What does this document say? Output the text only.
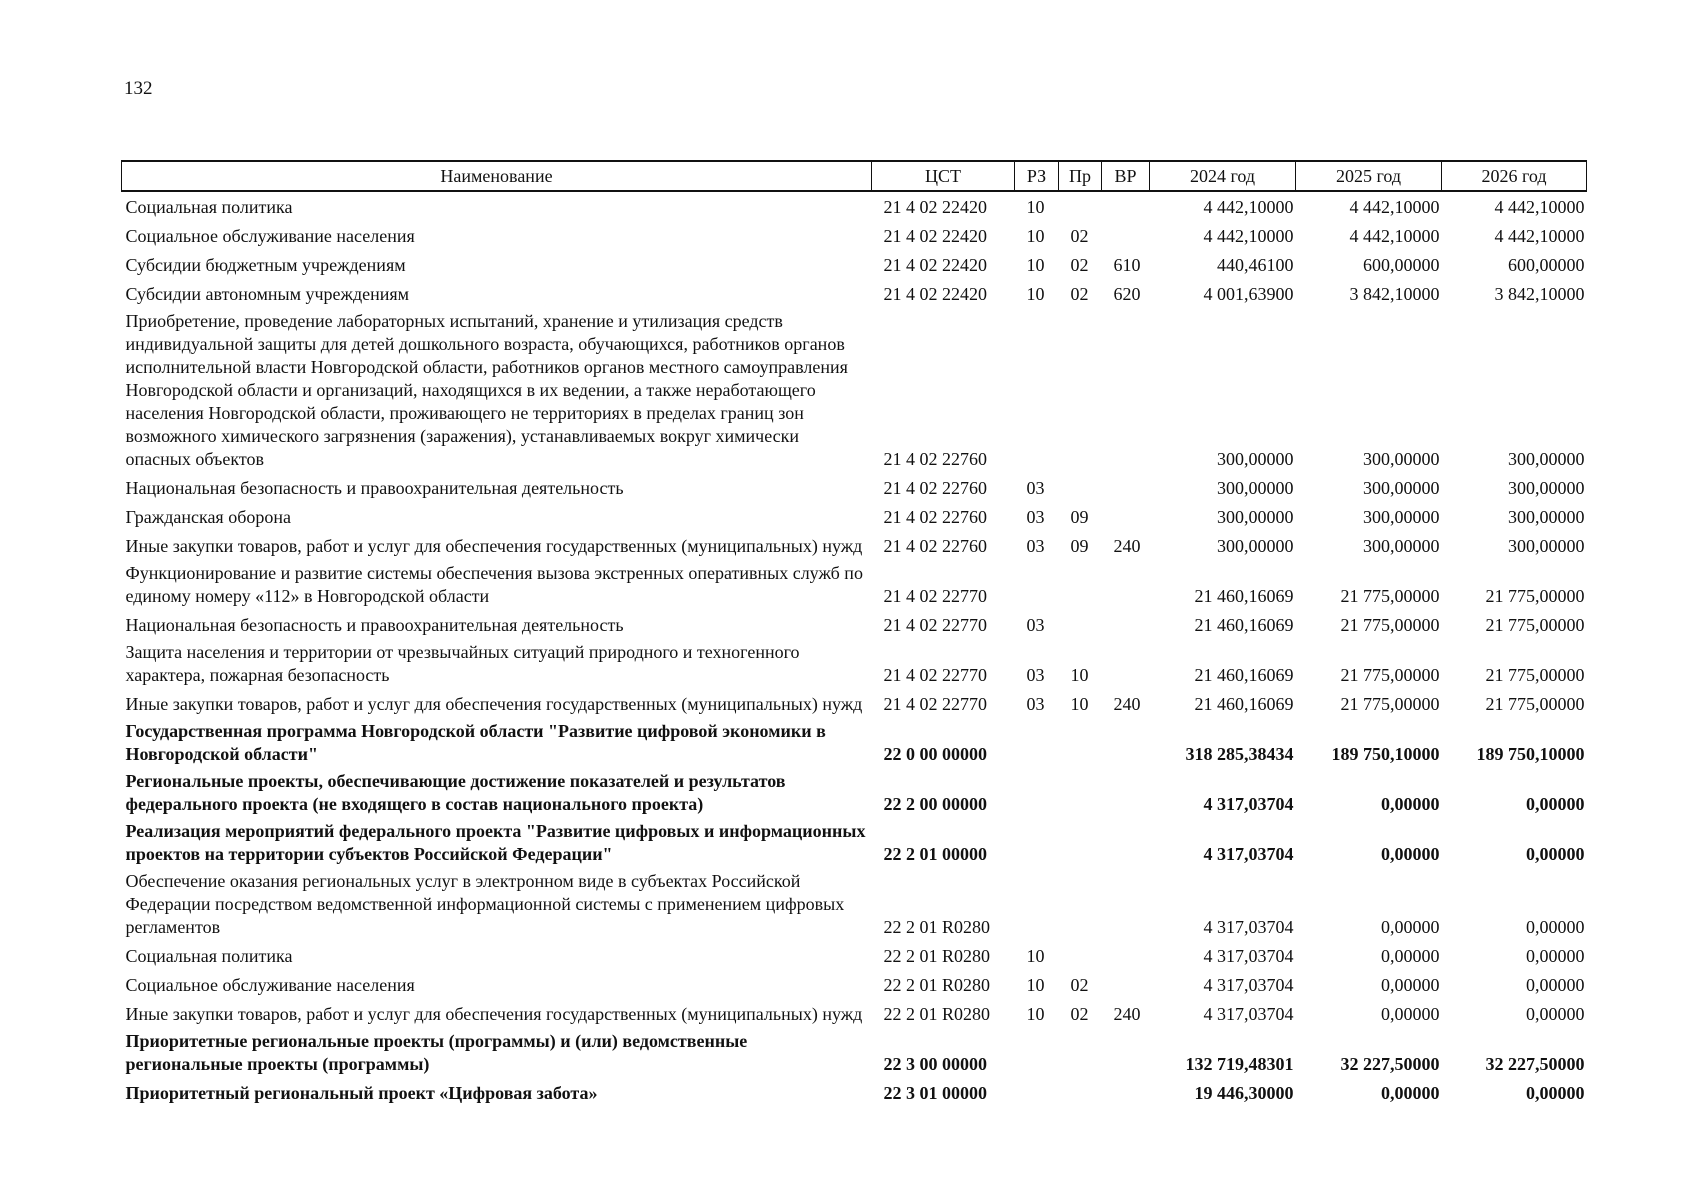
132
Наименование	ЦСТ	РЗ	Пр	ВР	2024 год	2025 год	2026 год
Социальная политика	21 4 02 22420	10			4 442,10000	4 442,10000	4 442,10000
Социальное обслуживание населения	21 4 02 22420	10	02		4 442,10000	4 442,10000	4 442,10000
Субсидии бюджетным учреждениям	21 4 02 22420	10	02	610	440,46100	600,00000	600,00000
Субсидии автономным учреждениям	21 4 02 22420	10	02	620	4 001,63900	3 842,10000	3 842,10000
Приобретение, проведение лабораторных испытаний, хранение и утилизация средств индивидуальной защиты для детей дошкольного возраста, обучающихся, работников органов исполнительной власти Новгородской области, работников органов местного самоуправления Новгородской области и организаций, находящихся в их ведении, а также неработающего населения Новгородской области, проживающего не территориях в пределах границ зон возможного химического загрязнения (заражения), устанавливаемых вокруг химически опасных объектов	21 4 02 22760				300,00000	300,00000	300,00000
Национальная безопасность и правоохранительная деятельность	21 4 02 22760	03			300,00000	300,00000	300,00000
Гражданская оборона	21 4 02 22760	03	09		300,00000	300,00000	300,00000
Иные закупки товаров, работ и услуг для обеспечения государственных (муниципальных) нужд	21 4 02 22760	03	09	240	300,00000	300,00000	300,00000
Функционирование и развитие системы обеспечения вызова экстренных оперативных служб по единому номеру «112» в Новгородской области	21 4 02 22770				21 460,16069	21 775,00000	21 775,00000
Национальная безопасность и правоохранительная деятельность	21 4 02 22770	03			21 460,16069	21 775,00000	21 775,00000
Защита населения и территории от чрезвычайных ситуаций природного и техногенного характера, пожарная безопасность	21 4 02 22770	03	10		21 460,16069	21 775,00000	21 775,00000
Иные закупки товаров, работ и услуг для обеспечения государственных (муниципальных) нужд	21 4 02 22770	03	10	240	21 460,16069	21 775,00000	21 775,00000
Государственная программа Новгородской области "Развитие цифровой экономики в Новгородской области"	22 0 00 00000				318 285,38434	189 750,10000	189 750,10000
Региональные проекты, обеспечивающие достижение показателей и результатов федерального проекта (не входящего в состав национального проекта)	22 2 00 00000				4 317,03704	0,00000	0,00000
Реализация мероприятий федерального проекта "Развитие цифровых и информационных проектов на территории субъектов Российской Федерации"	22 2 01 00000				4 317,03704	0,00000	0,00000
Обеспечение оказания региональных услуг в электронном виде в субъектах Российской Федерации посредством ведомственной информационной системы с применением цифровых регламентов	22 2 01 R0280				4 317,03704	0,00000	0,00000
Социальная политика	22 2 01 R0280	10			4 317,03704	0,00000	0,00000
Социальное обслуживание населения	22 2 01 R0280	10	02		4 317,03704	0,00000	0,00000
Иные закупки товаров, работ и услуг для обеспечения государственных (муниципальных) нужд	22 2 01 R0280	10	02	240	4 317,03704	0,00000	0,00000
Приоритетные региональные проекты (программы) и (или) ведомственные региональные проекты (программы)	22 3 00 00000				132 719,48301	32 227,50000	32 227,50000
Приоритетный региональный проект «Цифровая забота»	22 3 01 00000				19 446,30000	0,00000	0,00000
